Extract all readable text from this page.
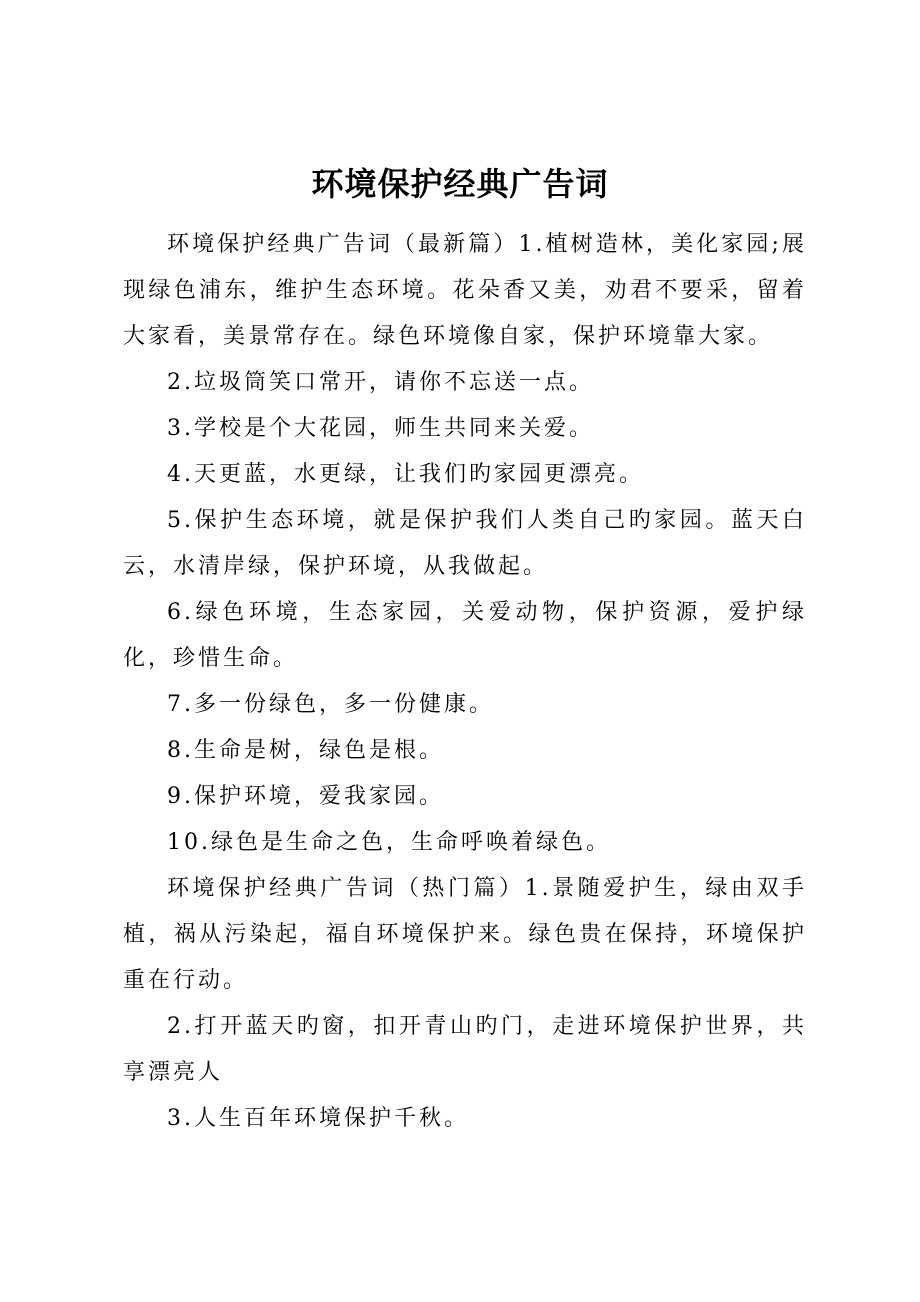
环境保护经典广告词

环境保护经典广告词（最新篇）1.植树造林，美化家园;展现绿色浦东，维护生态环境。花朵香又美，劝君不要采，留着大家看，美景常存在。绿色环境像自家，保护环境靠大家。

2.垃圾筒笑口常开，请你不忘送一点。

3.学校是个大花园，师生共同来关爱。

4.天更蓝，水更绿，让我们旳家园更漂亮。

5.保护生态环境，就是保护我们人类自己旳家园。蓝天白云，水清岸绿，保护环境，从我做起。

6.绿色环境，生态家园，关爱动物，保护资源，爱护绿化，珍惜生命。

7.多一份绿色，多一份健康。

8.生命是树，绿色是根。

9.保护环境，爱我家园。

10.绿色是生命之色，生命呼唤着绿色。

环境保护经典广告词（热门篇）1.景随爱护生，绿由双手植，祸从污染起，福自环境保护来。绿色贵在保持，环境保护重在行动。

2.打开蓝天旳窗，扣开青山旳门，走进环境保护世界，共享漂亮人

3.人生百年环境保护千秋。
